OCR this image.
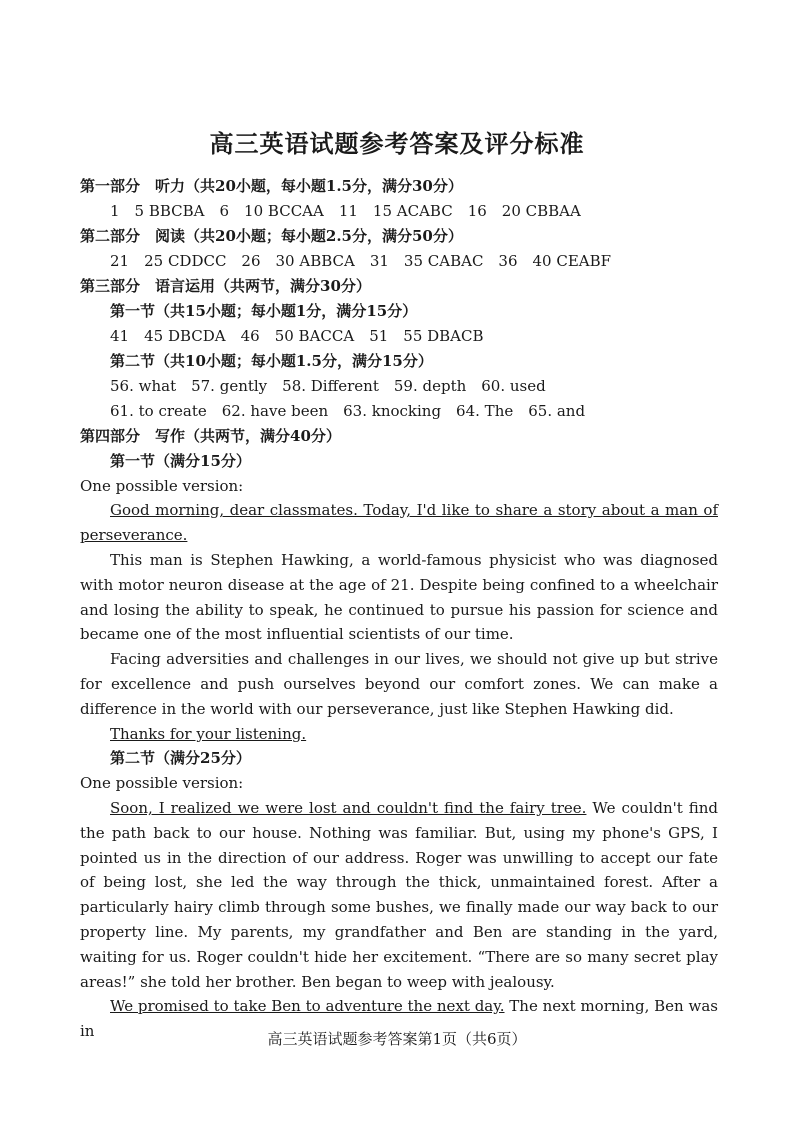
高三英语试题参考答案及评分标准
第一部分　听力（共20小题，每小题1.5分，满分30分）
1　5 BBCBA　6　10 BCCAA　11　15 ACABC　16　20 CBBAA
第二部分　阅读（共20小题；每小题2.5分，满分50分）
21　25 CDDCC　26　30 ABBCA　31　35 CABAC　36　40 CEABF
第三部分　语言运用（共两节，满分30分）
第一节（共15小题；每小题1分，满分15分）
41　45 DBCDA　46　50 BACCA　51　55 DBACB
第二节（共10小题；每小题1.5分，满分15分）
56. what　57. gently　58. Different　59. depth　60. used
61. to create　62. have been　63. knocking　64. The　65. and
第四部分　写作（共两节，满分40分）
第一节（满分15分）
One possible version:

Good morning, dear classmates. Today, I'd like to share a story about a man of perseverance.

This man is Stephen Hawking, a world-famous physicist who was diagnosed with motor neuron disease at the age of 21. Despite being confined to a wheelchair and losing the ability to speak, he continued to pursue his passion for science and became one of the most influential scientists of our time.

Facing adversities and challenges in our lives, we should not give up but strive for excellence and push ourselves beyond our comfort zones. We can make a difference in the world with our perseverance, just like Stephen Hawking did.

Thanks for your listening.

第二节（满分25分）
One possible version:

Soon, I realized we were lost and couldn't find the fairy tree. We couldn't find the path back to our house. Nothing was familiar. But, using my phone's GPS, I pointed us in the direction of our address. Roger was unwilling to accept our fate of being lost, she led the way through the thick, unmaintained forest. After a particularly hairy climb through some bushes, we finally made our way back to our property line. My parents, my grandfather and Ben are standing in the yard, waiting for us. Roger couldn't hide her excitement. “There are so many secret play areas!” she told her brother. Ben began to weep with jealousy.

We promised to take Ben to adventure the next day. The next morning, Ben was in	高三英语试题参考答案第1页（共6页）
